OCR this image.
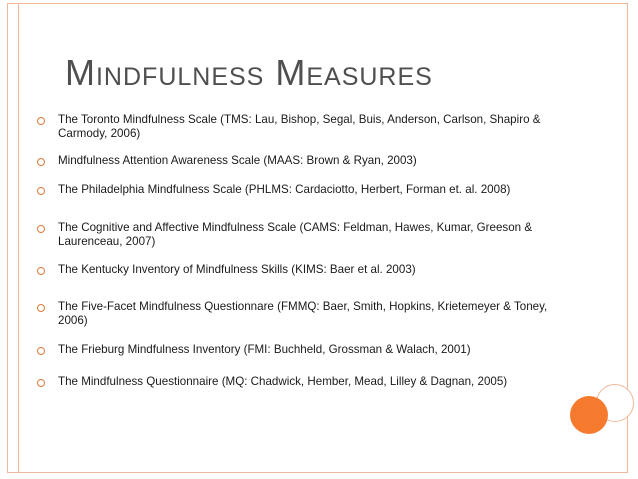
Mindfulness Measures
The Toronto Mindfulness Scale (TMS: Lau, Bishop, Segal, Buis, Anderson, Carlson, Shapiro & Carmody, 2006)
Mindfulness Attention Awareness Scale (MAAS: Brown & Ryan, 2003)
The Philadelphia Mindfulness Scale (PHLMS: Cardaciotto, Herbert, Forman et. al. 2008)
The Cognitive and Affective Mindfulness Scale (CAMS: Feldman, Hawes, Kumar, Greeson & Laurenceau, 2007)
The Kentucky Inventory of Mindfulness Skills (KIMS: Baer et al. 2003)
The Five-Facet Mindfulness Questionnare (FMMQ: Baer, Smith, Hopkins, Krietemeyer & Toney, 2006)
The Frieburg Mindfulness Inventory (FMI: Buchheld, Grossman & Walach, 2001)
The Mindfulness Questionnaire (MQ: Chadwick, Hember, Mead, Lilley & Dagnan, 2005)
